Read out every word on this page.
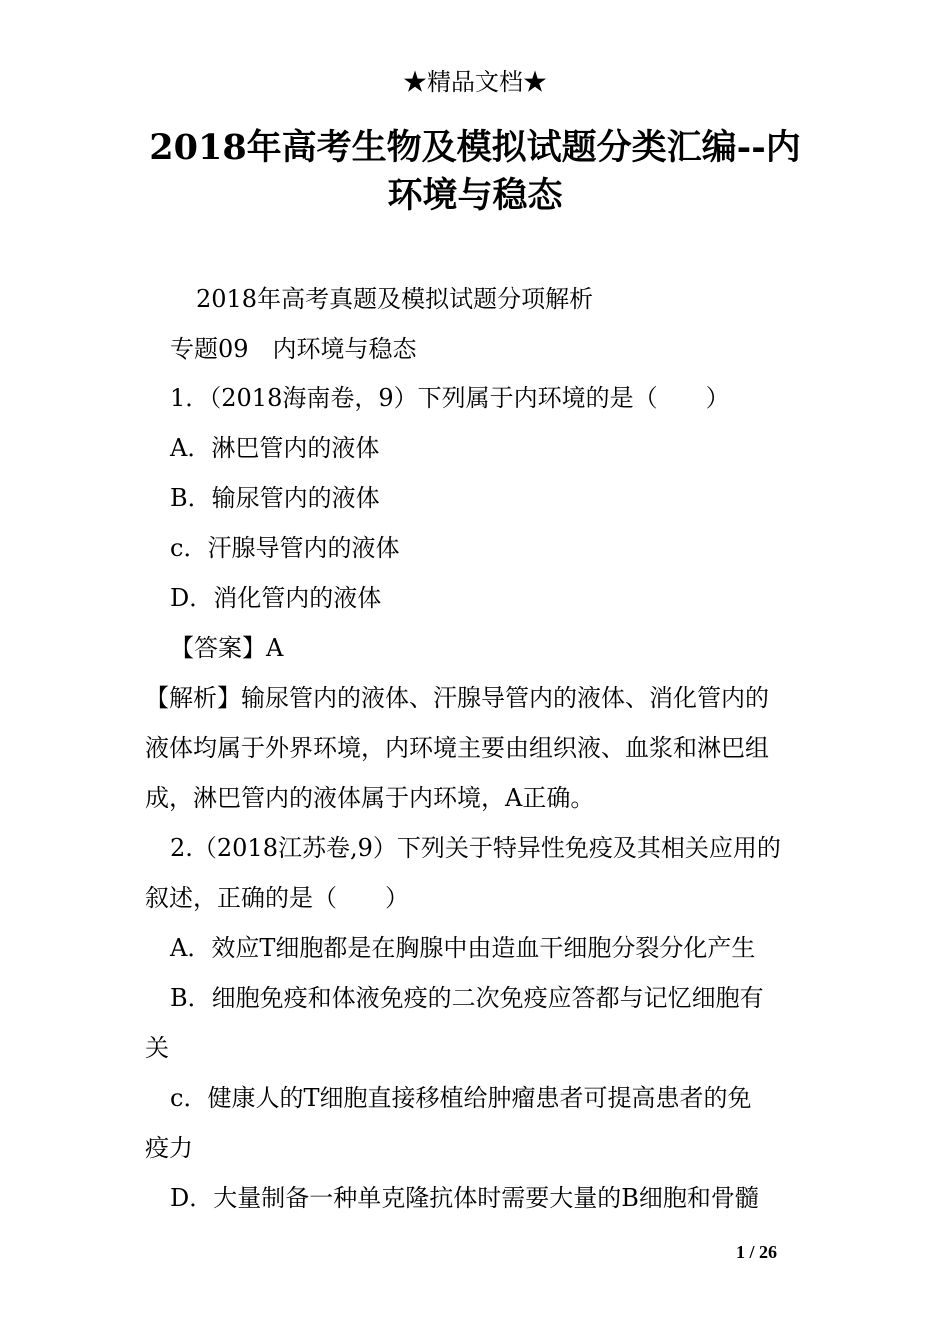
★精品文档★
2018年高考生物及模拟试题分类汇编--内
环境与稳态
2018年高考真题及模拟试题分项解析
专题09　内环境与稳态
1．（2018海南卷，9）下列属于内环境的是（　　）
A．淋巴管内的液体
B．输尿管内的液体
c．汗腺导管内的液体
D．消化管内的液体
【答案】A
【解析】输尿管内的液体、汗腺导管内的液体、消化管内的
液体均属于外界环境，内环境主要由组织液、血浆和淋巴组
成，淋巴管内的液体属于内环境，A正确。
2.（2018江苏卷,9）下列关于特异性免疫及其相关应用的
叙述，正确的是（　　）
A．效应T细胞都是在胸腺中由造血干细胞分裂分化产生
B．细胞免疫和体液免疫的二次免疫应答都与记忆细胞有
关
c．健康人的T细胞直接移植给肿瘤患者可提高患者的免
疫力
D．大量制备一种单克隆抗体时需要大量的B细胞和骨髓
1 / 26
